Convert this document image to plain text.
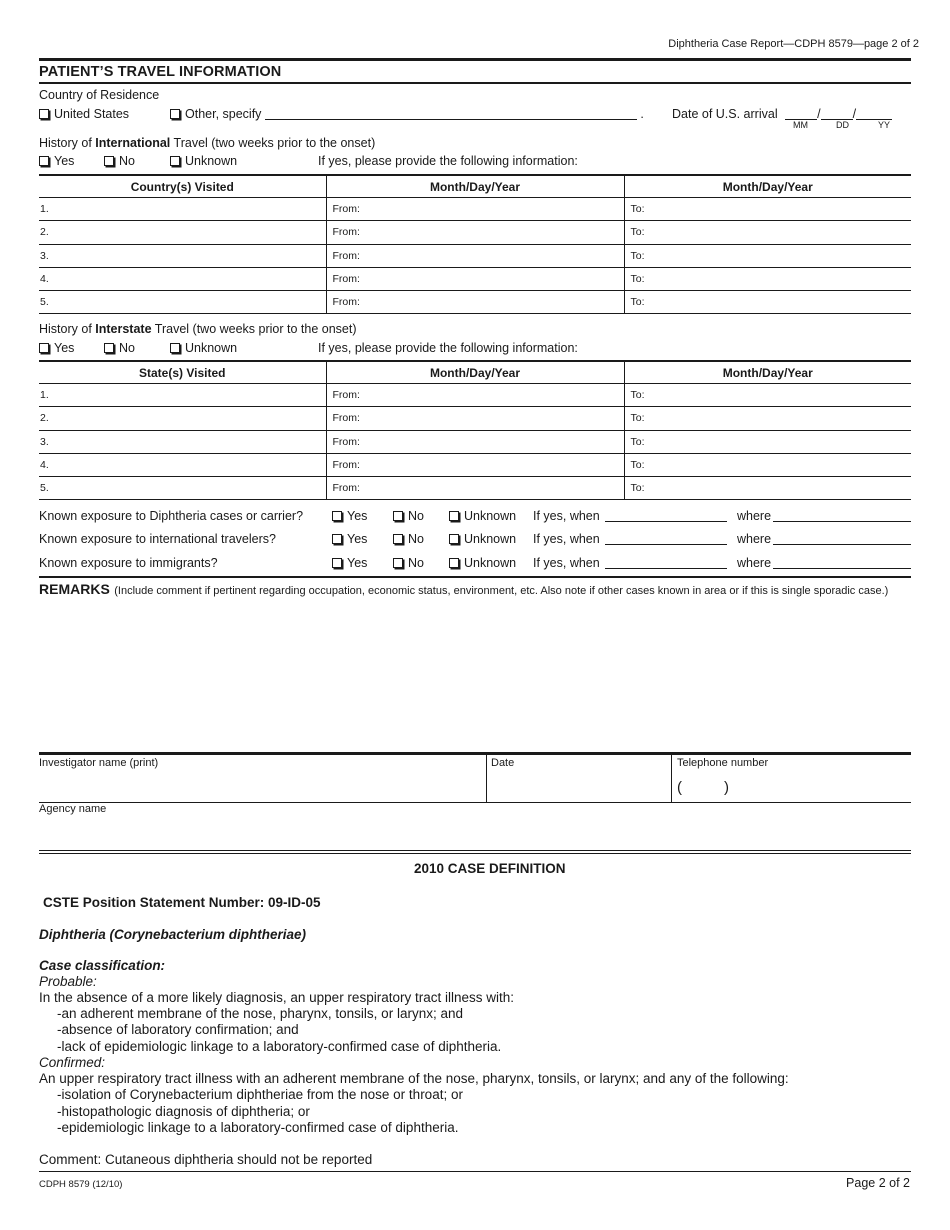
Diphtheria Case Report—CDPH 8579—page 2 of 2
PATIENT’S TRAVEL INFORMATION
Country of Residence
United States	Other, specify	. Date of U.S. arrival	/	/
MM	DD	YY
History of International Travel (two weeks prior to the onset)
Yes	No	Unknown	If yes, please provide the following information:
Country(s) Visited	Month/Day/Year	Month/Day/Year
1.	From:	To:
2.	From:	To:
3.	From:	To:
4.	From:	To:
5.	From:	To:
History of Interstate Travel (two weeks prior to the onset)
Yes	No	Unknown	If yes, please provide the following information:
State(s) Visited	Month/Day/Year	Month/Day/Year
1.	From:	To:
2.	From:	To:
3.	From:	To:
4.	From:	To:
5.	From:	To:
Known exposure to Diphtheria cases or carrier?	Yes	No	Unknown If yes, when	where
Known exposure to international travelers?	Yes	No	Unknown If yes, when	where
Known exposure to immigrants?	Yes	No	Unknown If yes, when	where
REMARKS (Include comment if pertinent regarding occupation, economic status, environment, etc. Also note if other cases known in area or if this is single sporadic case.)
Investigator name (print)	Date	Telephone number
(	)
Agency name
2010 CASE DEFINITION
CSTE Position Statement Number: 09-ID-05
Diphtheria (Corynebacterium diphtheriae)
Case classification:
Probable:
In the absence of a more likely diagnosis, an upper respiratory tract illness with:
-an adherent membrane of the nose, pharynx, tonsils, or larynx; and
-absence of laboratory confirmation; and
-lack of epidemiologic linkage to a laboratory-confirmed case of diphtheria.
Confirmed:
An upper respiratory tract illness with an adherent membrane of the nose, pharynx, tonsils, or larynx; and any of the following:
-isolation of Corynebacterium diphtheriae from the nose or throat; or
-histopathologic diagnosis of diphtheria; or
-epidemiologic linkage to a laboratory-confirmed case of diphtheria.
Comment: Cutaneous diphtheria should not be reported
CDPH 8579 (12/10)	Page 2 of 2
